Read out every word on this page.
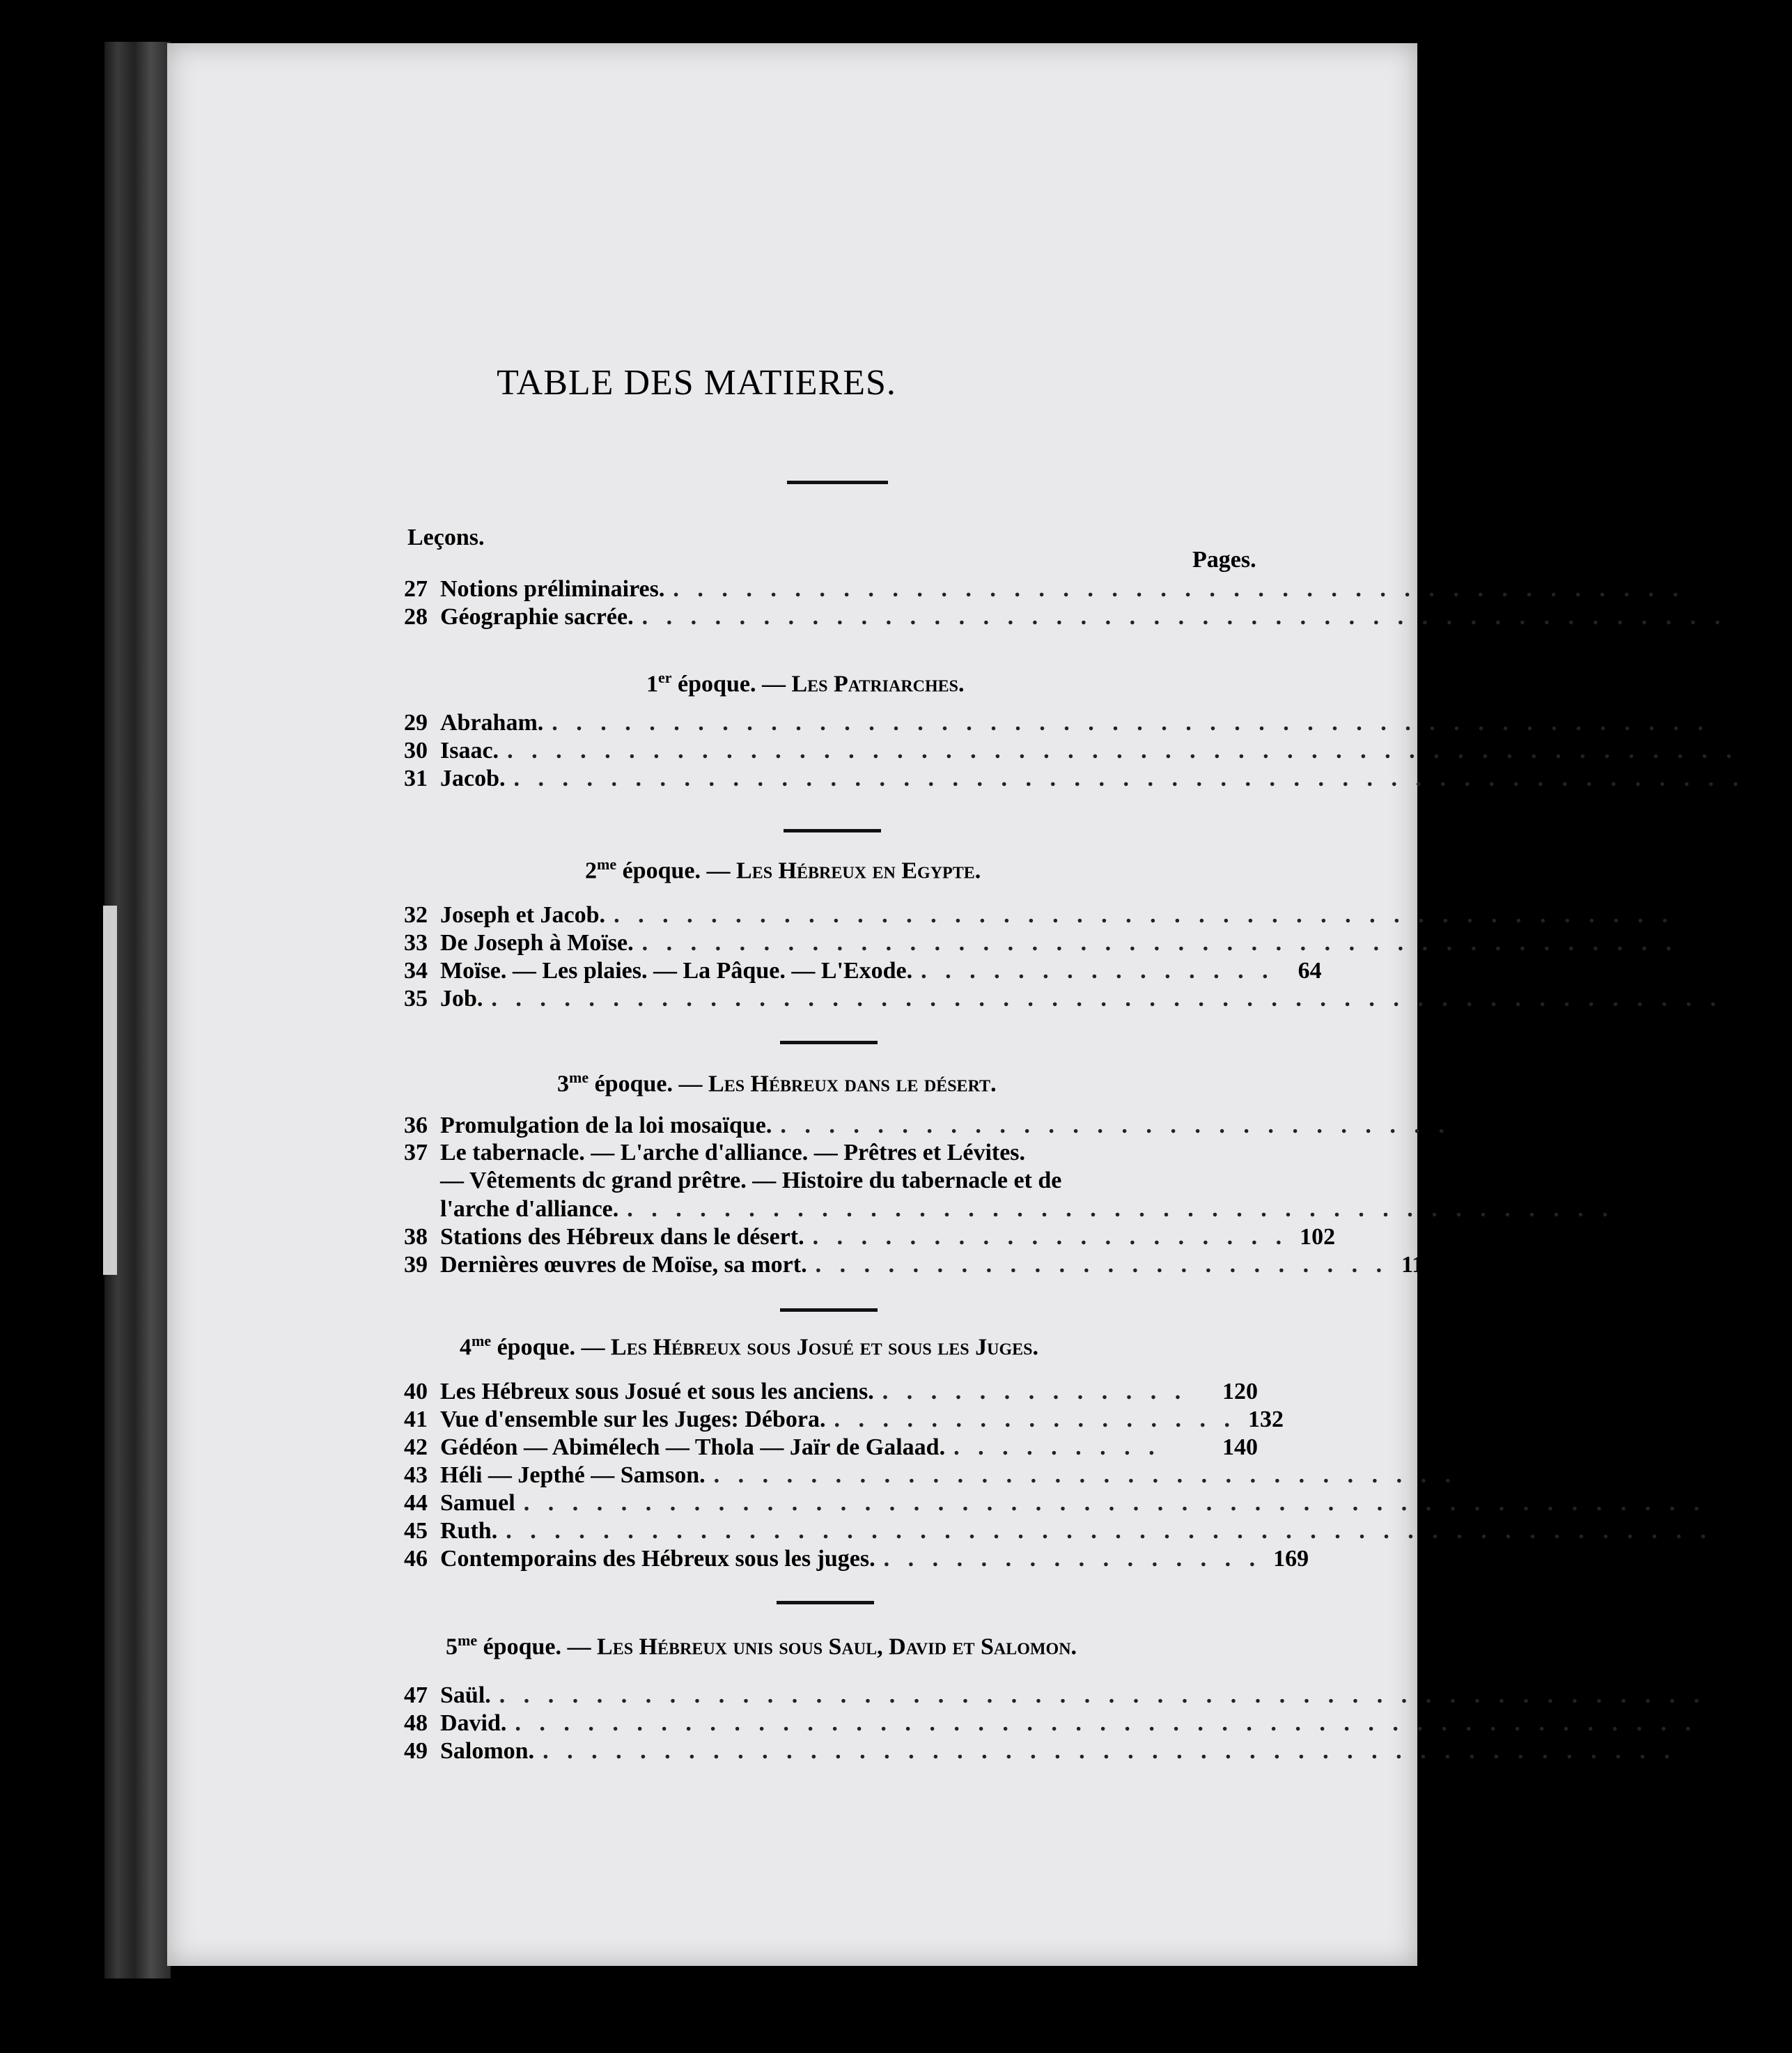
TABLE DES MATIERES.
Leçons.
Pages.
27 Notions préliminaires. . . . . . . . . . . . . . . . . . . . . . . . . . . . . . . . . . . . . . . . . . .	1
28 Géographie sacrée. . . . . . . . . . . . . . . . . . . . . . . . . . . . . . . . . . . . . . . . . . . . . .	5
1er époque. — Les Patriarches.
29 Abraham. . . . . . . . . . . . . . . . . . . . . . . . . . . . . . . . . . . . . . . . . . . . . . . . .	13
30 Isaac. . . . . . . . . . . . . . . . . . . . . . . . . . . . . . . . . . . . . . . . . . . . . . . . . . . .	37
31 Jacob. . . . . . . . . . . . . . . . . . . . . . . . . . . . . . . . . . . . . . . . . . . . . . . . . . . .	44
$2^{me}$ époque. — Les Hébreux en Egypte.
32 Joseph et Jacob. . . . . . . . . . . . . . . . . . . . . . . . . . . . . . . . . . . . . . . . . . . . .	52
33 De Joseph à Moïse. . . . . . . . . . . . . . . . . . . . . . . . . . . . . . . . . . . . . . . . . . . .	61
34 Moïse. — Les plaies. — La Pâque. — L'Exode. . . . . . . . . . . . . . . .	64
35 Job. . . . . . . . . . . . . . . . . . . . . . . . . . . . . . . . . . . . . . . . . . . . . . . . . . . .	75
$3^{me}$ époque. — Les Hébreux dans le désert.
36 Promulgation de la loi mosaïque. . . . . . . . . . . . . . . . . . . . . . . . . . . . .	81
37 Le tabernacle. — L'arche d'alliance. — Prêtres et Lévites.
— Vêtements dc grand prêtre. — Histoire du tabernacle et de
l'arche d'alliance. . . . . . . . . . . . . . . . . . . . . . . . . . . . . . . . . . . . . . . . . .	93
38 Stations des Hébreux dans le désert. . . . . . . . . . . . . . . . . . . . . 102
39 Dernières œuvres de Moïse, sa mort. . . . . . . . . . . . . . . . . . . . . . . . . 110
$4^{me}$ époque. — Les Hébreux sous Josué et sous les Juges.
40 Les Hébreux sous Josué et sous les anciens. . . . . . . . . . . . . .	120
41 Vue d'ensemble sur les Juges: Débora. . . . . . . . . . . . . . . . . . 132
42 Gédéon — Abimélech — Thola — Jaïr de Galaad. . . . . . . . . .	140
43 Héli — Jepthé — Samson. . . . . . . . . . . . . . . . . . . . . . . . . . . . . . . . 147
44 Samuel . . . . . . . . . . . . . . . . . . . . . . . . . . . . . . . . . . . . . . . . . . . . . . . . . 158
45 Ruth. . . . . . . . . . . . . . . . . . . . . . . . . . . . . . . . . . . . . . . . . . . . . . . . . . . 165
46 Contemporains des Hébreux sous les juges. . . . . . . . . . . . . . . . . 169
$5^{me}$ époque. — Les Hébreux unis sous Saul, David et Salomon.
47 Saül. . . . . . . . . . . . . . . . . . . . . . . . . . . . . . . . . . . . . . . . . . . . . . . . . . . 173
48 David. . . . . . . . . . . . . . . . . . . . . . . . . . . . . . . . . . . . . . . . . . . . . . . . . . 191
49 Salomon. . . . . . . . . . . . . . . . . . . . . . . . . . . . . . . . . . . . . . . . . . . . . . . . 211
